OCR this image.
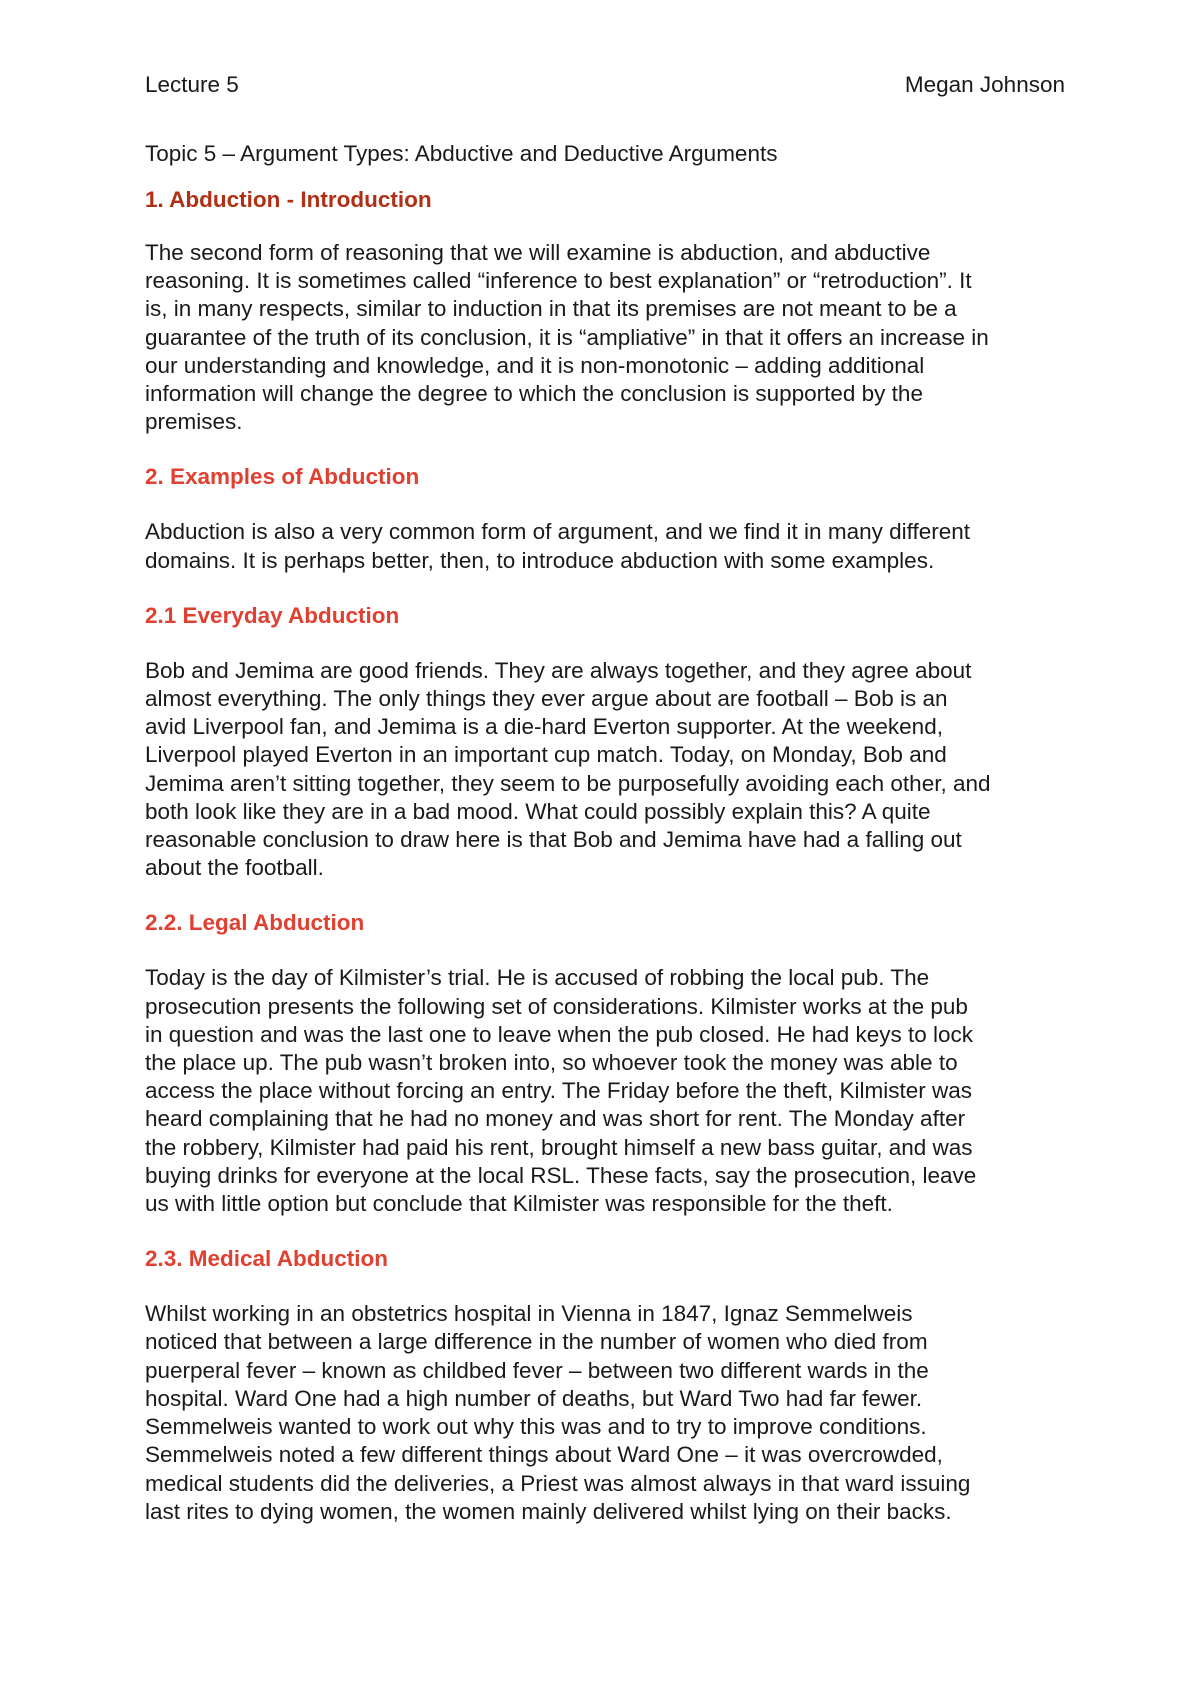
Lecture 5	Megan Johnson
Topic 5 – Argument Types: Abductive and Deductive Arguments
1. Abduction - Introduction

The second form of reasoning that we will examine is abduction, and abductive
reasoning. It is sometimes called “inference to best explanation” or “retroduction”. It
is, in many respects, similar to induction in that its premises are not meant to be a
guarantee of the truth of its conclusion, it is “ampliative” in that it offers an increase in
our understanding and knowledge, and it is non-monotonic – adding additional
information will change the degree to which the conclusion is supported by the
premises.

2. Examples of Abduction

Abduction is also a very common form of argument, and we find it in many different
domains. It is perhaps better, then, to introduce abduction with some examples.

2.1 Everyday Abduction

Bob and Jemima are good friends. They are always together, and they agree about
almost everything. The only things they ever argue about are football – Bob is an
avid Liverpool fan, and Jemima is a die-hard Everton supporter. At the weekend,
Liverpool played Everton in an important cup match. Today, on Monday, Bob and
Jemima aren’t sitting together, they seem to be purposefully avoiding each other, and
both look like they are in a bad mood. What could possibly explain this? A quite
reasonable conclusion to draw here is that Bob and Jemima have had a falling out
about the football.

2.2. Legal Abduction

Today is the day of Kilmister’s trial. He is accused of robbing the local pub. The
prosecution presents the following set of considerations. Kilmister works at the pub
in question and was the last one to leave when the pub closed. He had keys to lock
the place up. The pub wasn’t broken into, so whoever took the money was able to
access the place without forcing an entry. The Friday before the theft, Kilmister was
heard complaining that he had no money and was short for rent. The Monday after
the robbery, Kilmister had paid his rent, brought himself a new bass guitar, and was
buying drinks for everyone at the local RSL. These facts, say the prosecution, leave
us with little option but conclude that Kilmister was responsible for the theft.

2.3. Medical Abduction

Whilst working in an obstetrics hospital in Vienna in 1847, Ignaz Semmelweis
noticed that between a large difference in the number of women who died from
puerperal fever – known as childbed fever – between two different wards in the
hospital. Ward One had a high number of deaths, but Ward Two had far fewer.
Semmelweis wanted to work out why this was and to try to improve conditions.
Semmelweis noted a few different things about Ward One – it was overcrowded,
medical students did the deliveries, a Priest was almost always in that ward issuing
last rites to dying women, the women mainly delivered whilst lying on their backs.
